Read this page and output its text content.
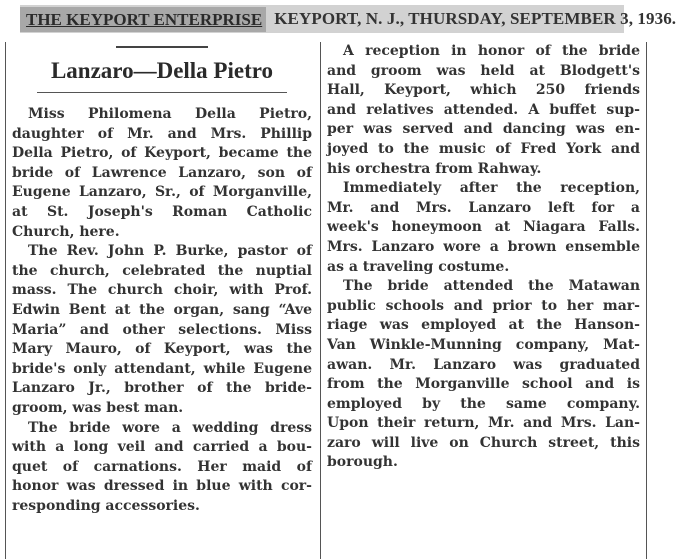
THE KEYPORT ENTERPRISE KEYPORT, N. J., THURSDAY, SEPTEMBER 3, 1936.
Lanzaro—Della Pietro
Miss Philomena Della Pietro,
daughter of Mr. and Mrs. Phillip
Della Pietro, of Keyport, became the
bride of Lawrence Lanzaro, son of
Eugene Lanzaro, Sr., of Morganville,
at St. Joseph's Roman Catholic
Church, here.
The Rev. John P. Burke, pastor of
the church, celebrated the nuptial
mass. The church choir, with Prof.
Edwin Bent at the organ, sang “Ave
Maria” and other selections. Miss
Mary Mauro, of Keyport, was the
bride's only attendant, while Eugene
Lanzaro Jr., brother of the bride-
groom, was best man.
The bride wore a wedding dress
with a long veil and carried a bou-
quet of carnations. Her maid of
honor was dressed in blue with cor-
responding accessories.
A reception in honor of the bride
and groom was held at Blodgett's
Hall, Keyport, which 250 friends
and relatives attended. A buffet sup-
per was served and dancing was en-
joyed to the music of Fred York and
his orchestra from Rahway.
Immediately after the reception,
Mr. and Mrs. Lanzaro left for a
week's honeymoon at Niagara Falls.
Mrs. Lanzaro wore a brown ensemble
as a traveling costume.
The bride attended the Matawan
public schools and prior to her mar-
riage was employed at the Hanson-
Van Winkle-Munning company, Mat-
awan. Mr. Lanzaro was graduated
from the Morganville school and is
employed by the same company.
Upon their return, Mr. and Mrs. Lan-
zaro will live on Church street, this
borough.
